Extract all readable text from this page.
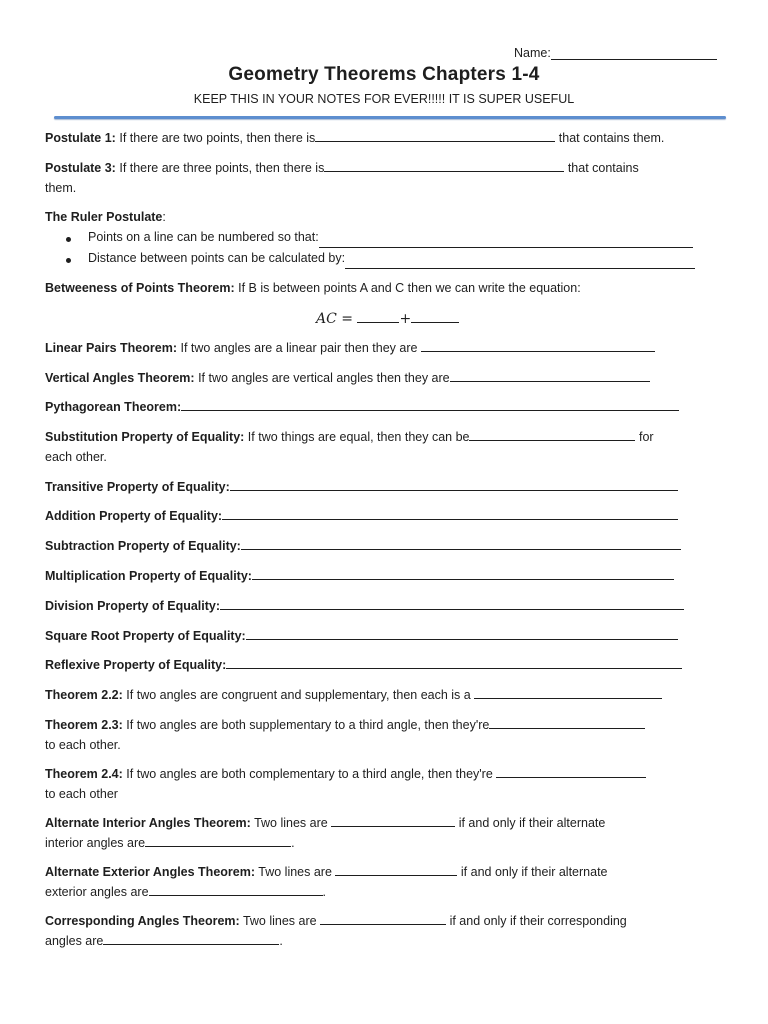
Name:
Geometry Theorems Chapters 1-4
KEEP THIS IN YOUR NOTES FOR EVER!!!!! IT IS SUPER USEFUL
Postulate 1: If there are two points, then there is	that contains them.
Postulate 3: If there are three points, then there is	that contains
them.
The Ruler Postulate:
Points on a line can be numbered so that:
Distance between points can be calculated by:
Betweeness of Points Theorem: If B is between points A and C then we can write the equation:
AC =	+
Linear Pairs Theorem: If two angles are a linear pair then they are
Vertical Angles Theorem: If two angles are vertical angles then they are
Pythagorean Theorem:
Substitution Property of Equality: If two things are equal, then they can be	for
each other.
Transitive Property of Equality:
Addition Property of Equality:
Subtraction Property of Equality:
Multiplication Property of Equality:
Division Property of Equality:
Square Root Property of Equality:
Reflexive Property of Equality:
Theorem 2.2: If two angles are congruent and supplementary, then each is a
Theorem 2.3: If two angles are both supplementary to a third angle, then they're
to each other.
Theorem 2.4: If two angles are both complementary to a third angle, then they're
to each other
Alternate Interior Angles Theorem: Two lines are	if and only if their alternate
interior angles are	.
Alternate Exterior Angles Theorem: Two lines are	if and only if their alternate
exterior angles are	.
Corresponding Angles Theorem: Two lines are	if and only if their corresponding
angles are	.
